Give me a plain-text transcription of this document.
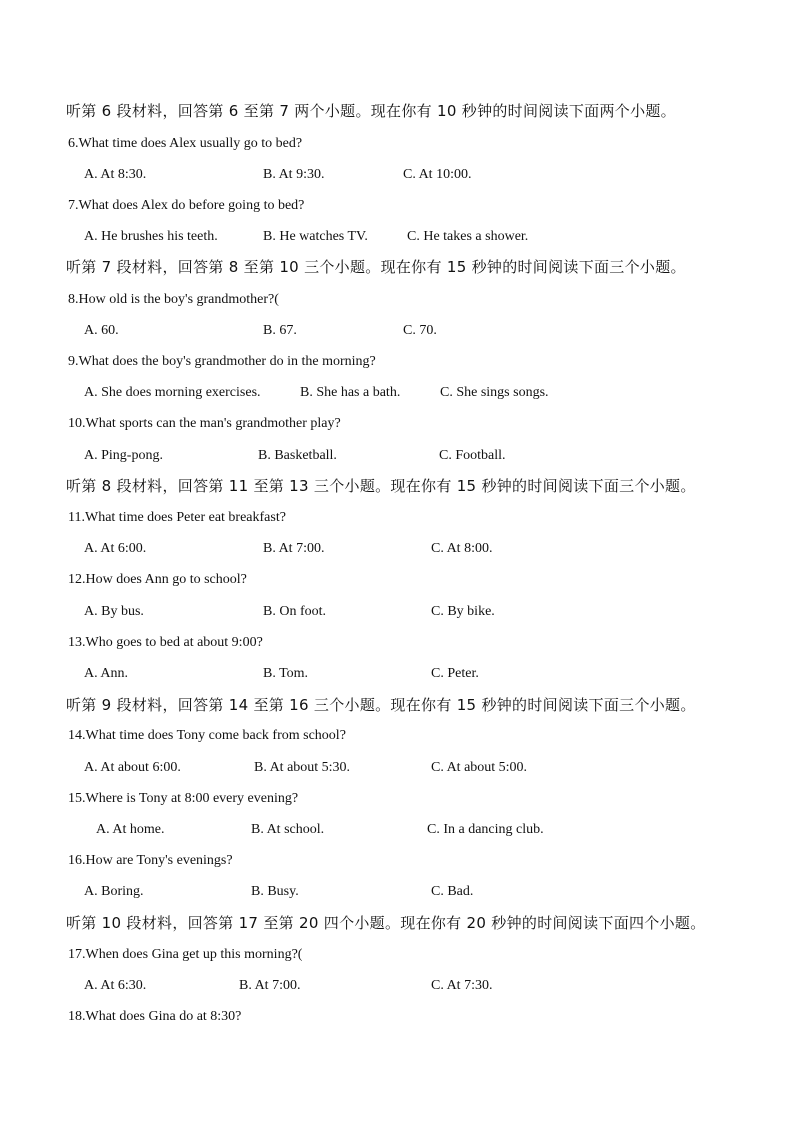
听第 6 段材料，回答第 6 至第 7 两个小题。现在你有 10 秒钟的时间阅读下面两个小题。
6.What time does Alex usually go to bed?
A. At 8:30.	B. At 9:30.	C. At 10:00.
7.What does Alex do before going to bed?
A. He brushes his teeth.	B. He watches TV.	C. He takes a shower.
听第 7 段材料，回答第 8 至第 10 三个小题。现在你有 15 秒钟的时间阅读下面三个小题。
8.How old is the boy's grandmother?(
A. 60.	B. 67.	C. 70.
9.What does the boy's grandmother do in the morning?
A. She does morning exercises.	B. She has a bath.	C. She sings songs.
10.What sports can the man's grandmother play?
A. Ping-pong.	B. Basketball.	C. Football.
听第 8 段材料，回答第 11 至第 13 三个小题。现在你有 15 秒钟的时间阅读下面三个小题。
11.What time does Peter eat breakfast?
A. At 6:00.	B. At 7:00.	C. At 8:00.
12.How does Ann go to school?
A. By bus.	B. On foot.	C. By bike.
13.Who goes to bed at about 9:00?
A. Ann.	B. Tom.	C. Peter.
听第 9 段材料，回答第 14 至第 16 三个小题。现在你有 15 秒钟的时间阅读下面三个小题。
14.What time does Tony come back from school?
A. At about 6:00.	B. At about 5:30.	C. At about 5:00.
15.Where is Tony at 8:00 every evening?
A. At home.	B. At school.	C. In a dancing club.
16.How are Tony's evenings?
A. Boring.	B. Busy.	C. Bad.
听第 10 段材料，回答第 17 至第 20 四个小题。现在你有 20 秒钟的时间阅读下面四个小题。
17.When does Gina get up this morning?(
A. At 6:30.	B. At 7:00.	C. At 7:30.
18.What does Gina do at 8:30?
